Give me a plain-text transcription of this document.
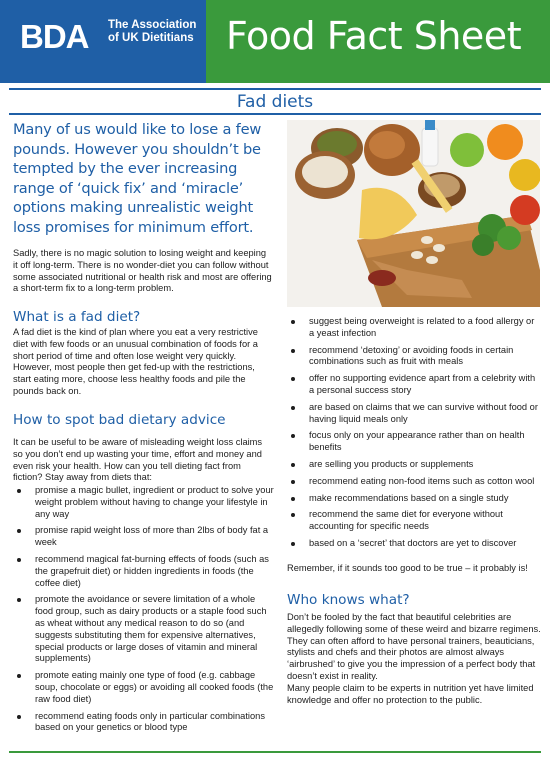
BDA The Association
of UK Dietitians Food Fact Sheet
Fad diets
Many of us would like to lose a few pounds. However you shouldn’t be tempted by the ever increasing range of ‘quick fix’ and ‘miracle’ options making unrealistic weight loss promises for minimum effort.
Sadly, there is no magic solution to losing weight and keeping it off long-term. There is no wonder-diet you can follow without some associated nutritional or health risk and most are offering a short-term fix to a long-term problem.
What is a fad diet?
A fad diet is the kind of plan where you eat a very restrictive diet with few foods or an unusual combination of foods for a short period of time and often lose weight very quickly. However, most people then get fed-up with the restrictions, start eating more, choose less healthy foods and pile the pounds back on.
How to spot bad dietary advice
It can be useful to be aware of misleading weight loss claims so you don’t end up wasting your time, effort and money and even risk your health. How can you tell dieting fact from fiction? Stay away from diets that:
promise a magic bullet, ingredient or product to solve your weight problem without having to change your lifestyle in any way
promise rapid weight loss of more than 2lbs of body fat a week
recommend magical fat-burning effects of foods (such as the grapefruit diet) or hidden ingredients in foods (the coffee diet)
promote the avoidance or severe limitation of a whole food group, such as dairy products or a staple food such as wheat without any medical reason to do so (and suggests substituting them for expensive alternatives, special products or large doses of vitamin and mineral supplements)
promote eating mainly one type of food (e.g. cabbage soup, chocolate or eggs) or avoiding all cooked foods (the raw food diet)
recommend eating foods only in particular combinations based on your genetics or blood type
suggest being overweight is related to a food allergy or a yeast infection
recommend ‘detoxing’ or avoiding foods in certain combinations such as fruit with meals
offer no supporting evidence apart from a celebrity with a personal success story
are based on claims that we can survive without food or having liquid meals only
focus only on your appearance rather than on health benefits
are selling you products or supplements
recommend eating non-food items such as cotton wool
make recommendations based on a single study
recommend the same diet for everyone without accounting for specific needs
based on a ‘secret’ that doctors are yet to discover
Remember, if it sounds too good to be true – it probably is!
Who knows what?

Don’t be fooled by the fact that beautiful celebrities are allegedly following some of these weird and bizarre regimens.

They can often afford to have personal trainers, beauticians, stylists and chefs and their photos are almost always ‘airbrushed’ to give you the impression of a perfect body that doesn’t exist in reality.

Many people claim to be experts in nutrition yet have limited knowledge and offer no protection to the public.
